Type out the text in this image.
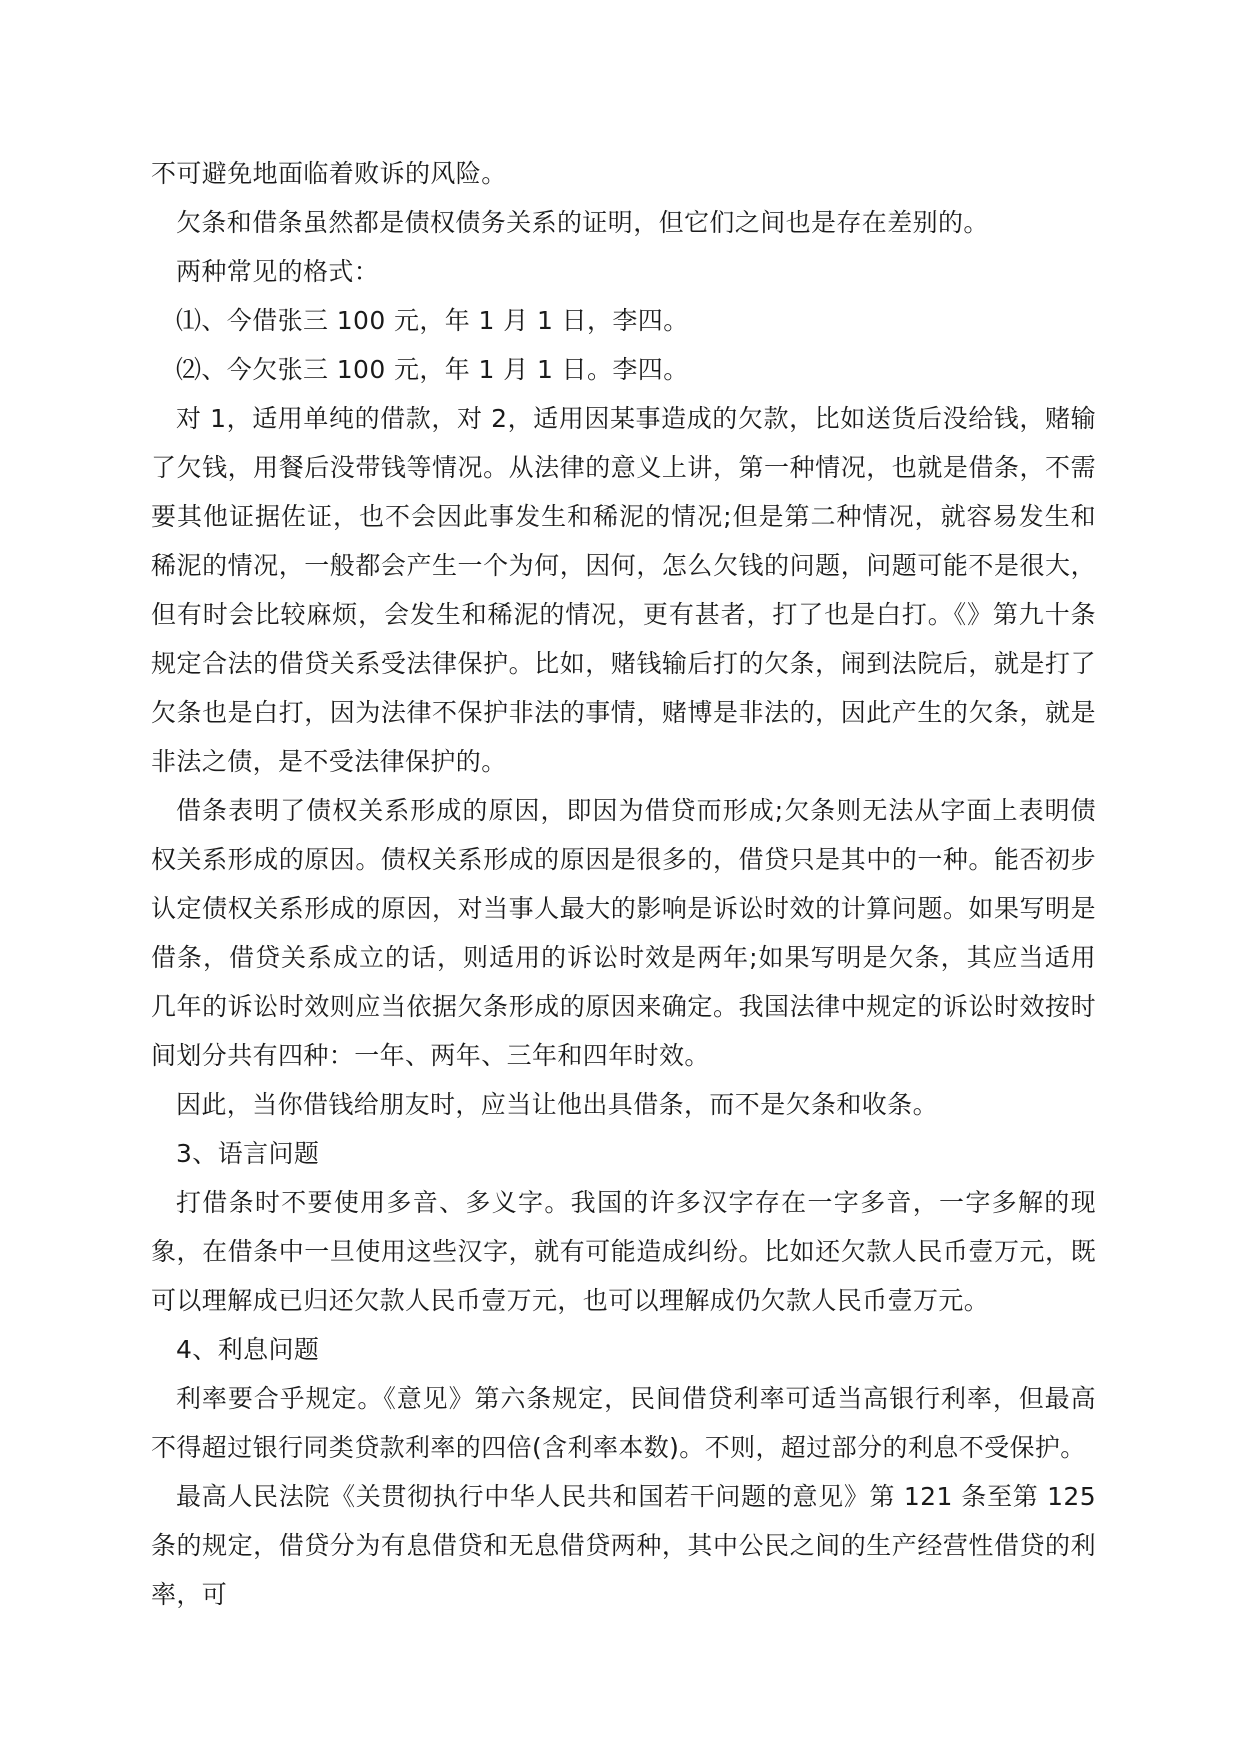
不可避免地面临着败诉的风险。

欠条和借条虽然都是债权债务关系的证明，但它们之间也是存在差别的。

两种常见的格式：

⑴、今借张三 100 元，年 1 月 1 日，李四。

⑵、今欠张三 100 元，年 1 月 1 日。李四。

对 1，适用单纯的借款，对 2，适用因某事造成的欠款，比如送货后没给钱，赌输了欠钱，用餐后没带钱等情况。从法律的意义上讲，第一种情况，也就是借条，不需要其他证据佐证，也不会因此事发生和稀泥的情况;但是第二种情况，就容易发生和稀泥的情况，一般都会产生一个为何，因何，怎么欠钱的问题，问题可能不是很大，但有时会比较麻烦，会发生和稀泥的情况，更有甚者，打了也是白打。《》第九十条规定合法的借贷关系受法律保护。比如，赌钱输后打的欠条，闹到法院后，就是打了欠条也是白打，因为法律不保护非法的事情，赌博是非法的，因此产生的欠条，就是非法之债，是不受法律保护的。

借条表明了债权关系形成的原因，即因为借贷而形成;欠条则无法从字面上表明债权关系形成的原因。债权关系形成的原因是很多的，借贷只是其中的一种。能否初步认定债权关系形成的原因，对当事人最大的影响是诉讼时效的计算问题。如果写明是借条，借贷关系成立的话，则适用的诉讼时效是两年;如果写明是欠条，其应当适用几年的诉讼时效则应当依据欠条形成的原因来确定。我国法律中规定的诉讼时效按时间划分共有四种：一年、两年、三年和四年时效。

因此，当你借钱给朋友时，应当让他出具借条，而不是欠条和收条。

3、语言问题

打借条时不要使用多音、多义字。我国的许多汉字存在一字多音，一字多解的现象，在借条中一旦使用这些汉字，就有可能造成纠纷。比如还欠款人民币壹万元，既可以理解成已归还欠款人民币壹万元，也可以理解成仍欠款人民币壹万元。

4、利息问题

利率要合乎规定。《意见》第六条规定，民间借贷利率可适当高银行利率，但最高不得超过银行同类贷款利率的四倍(含利率本数)。不则，超过部分的利息不受保护。

最高人民法院《关贯彻执行中华人民共和国若干问题的意见》第 121 条至第 125 条的规定，借贷分为有息借贷和无息借贷两种，其中公民之间的生产经营性借贷的利率，可
